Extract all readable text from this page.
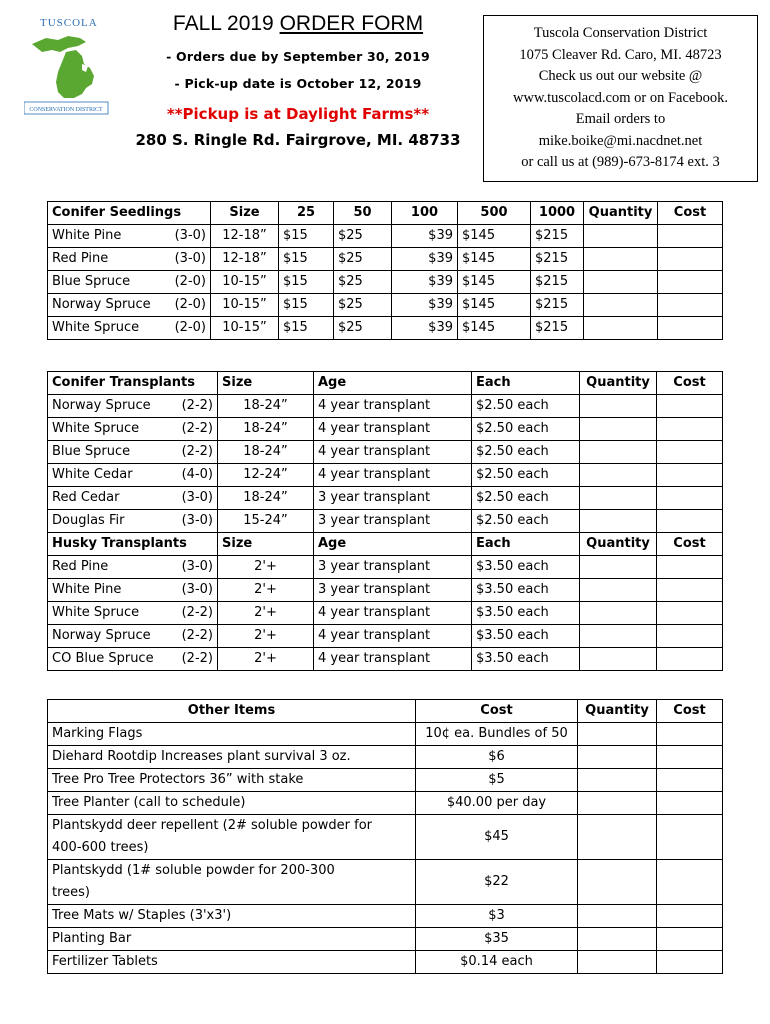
TUSCOLA
CONSERVATION DISTRICT
FALL 2019 ORDER FORM
- Orders due by September 30, 2019
- Pick-up date is October 12, 2019
**Pickup is at Daylight Farms**
280 S. Ringle Rd. Fairgrove, MI. 48733
Tuscola Conservation District
1075 Cleaver Rd. Caro, MI. 48723
Check us out our website @
www.tuscolacd.com or on Facebook.
Email orders to
mike.boike@mi.nacdnet.net
or call us at (989)-673-8174 ext. 3
Conifer Seedlings	Size	25	50	100	500	1000	Quantity	Cost

White Pine (3-0)	12-18”	$15	$25	$39	$145	$215		

Red Pine (3-0)	12-18”	$15	$25	$39	$145	$215		

Blue Spruce (2-0)	10-15”	$15	$25	$39	$145	$215		

Norway Spruce (2-0)	10-15”	$15	$25	$39	$145	$215		

White Spruce (2-0)	10-15”	$15	$25	$39	$145	$215		
Conifer Transplants	Size	Age	Each	Quantity	Cost

Norway Spruce (2-2)	18-24”	4 year transplant	$2.50 each		

White Spruce (2-2)	18-24”	4 year transplant	$2.50 each		

Blue Spruce (2-2)	18-24”	4 year transplant	$2.50 each		

White Cedar (4-0)	12-24”	4 year transplant	$2.50 each		

Red Cedar (3-0)	18-24”	3 year transplant	$2.50 each		

Douglas Fir (3-0)	15-24”	3 year transplant	$2.50 each		
Husky Transplants	Size	Age	Each	Quantity	Cost

Red Pine (3-0)	2'+	3 year transplant	$3.50 each		

White Pine (3-0)	2'+	3 year transplant	$3.50 each		

White Spruce (2-2)	2'+	4 year transplant	$3.50 each		

Norway Spruce (2-2)	2'+	4 year transplant	$3.50 each		

CO Blue Spruce (2-2)	2'+	4 year transplant	$3.50 each		
Other Items	Cost	Quantity	Cost
Marking Flags	10¢ ea. Bundles of 50		
Diehard Rootdip Increases plant survival 3 oz.	$6		
Tree Pro Tree Protectors 36” with stake	$5		
Tree Planter (call to schedule)	$40.00 per day		

Plantskydd deer repellent (2# soluble powder for
400-600 trees)	$45		

Plantskydd (1# soluble powder for 200-300
trees)	$22		
Tree Mats w/ Staples (3'x3')	$3		
Planting Bar	$35		
Fertilizer Tablets	$0.14 each		
